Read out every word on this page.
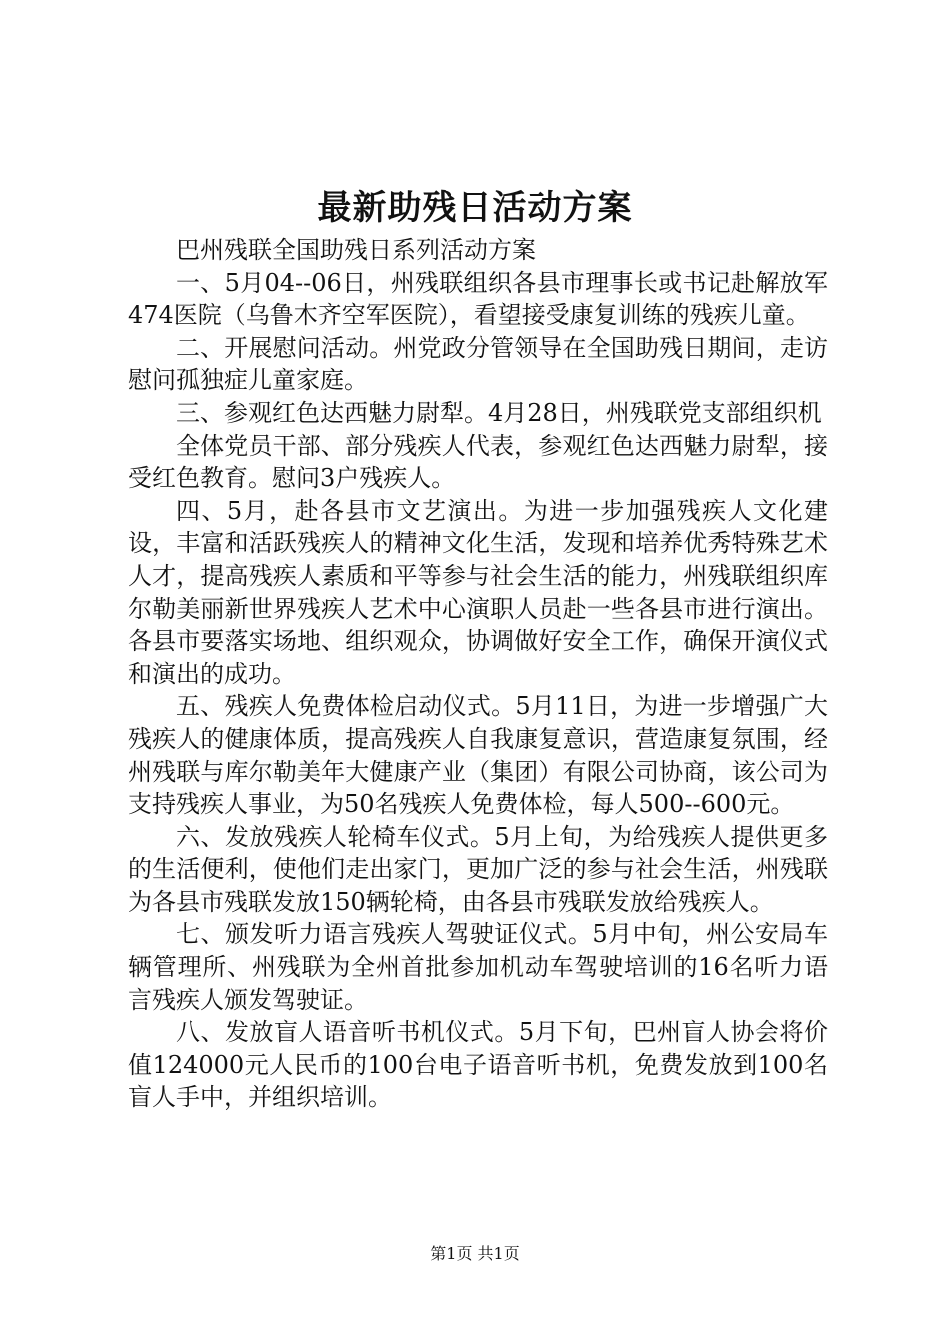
最新助残日活动方案

巴州残联全国助残日系列活动方案

一、5月04--06日，州残联组织各县市理事长或书记赴解放军474医院（乌鲁木齐空军医院），看望接受康复训练的残疾儿童。

二、开展慰问活动。州党政分管领导在全国助残日期间，走访慰问孤独症儿童家庭。

三、参观红色达西魅力尉犁。4月28日，州残联党支部组织机

全体党员干部、部分残疾人代表，参观红色达西魅力尉犁，接受红色教育。慰问3户残疾人。

四、5月，赴各县市文艺演出。为进一步加强残疾人文化建设，丰富和活跃残疾人的精神文化生活，发现和培养优秀特殊艺术人才，提高残疾人素质和平等参与社会生活的能力，州残联组织库尔勒美丽新世界残疾人艺术中心演职人员赴一些各县市进行演出。各县市要落实场地、组织观众，协调做好安全工作，确保开演仪式和演出的成功。

五、残疾人免费体检启动仪式。5月11日，为进一步增强广大残疾人的健康体质，提高残疾人自我康复意识，营造康复氛围，经州残联与库尔勒美年大健康产业（集团）有限公司协商，该公司为支持残疾人事业，为50名残疾人免费体检，每人500--600元。

六、发放残疾人轮椅车仪式。5月上旬，为给残疾人提供更多的生活便利，使他们走出家门，更加广泛的参与社会生活，州残联为各县市残联发放150辆轮椅，由各县市残联发放给残疾人。

七、颁发听力语言残疾人驾驶证仪式。5月中旬，州公安局车辆管理所、州残联为全州首批参加机动车驾驶培训的16名听力语言残疾人颁发驾驶证。

八、发放盲人语音听书机仪式。5月下旬，巴州盲人协会将价值124000元人民币的100台电子语音听书机，免费发放到100名盲人手中，并组织培训。

第1页 共1页
